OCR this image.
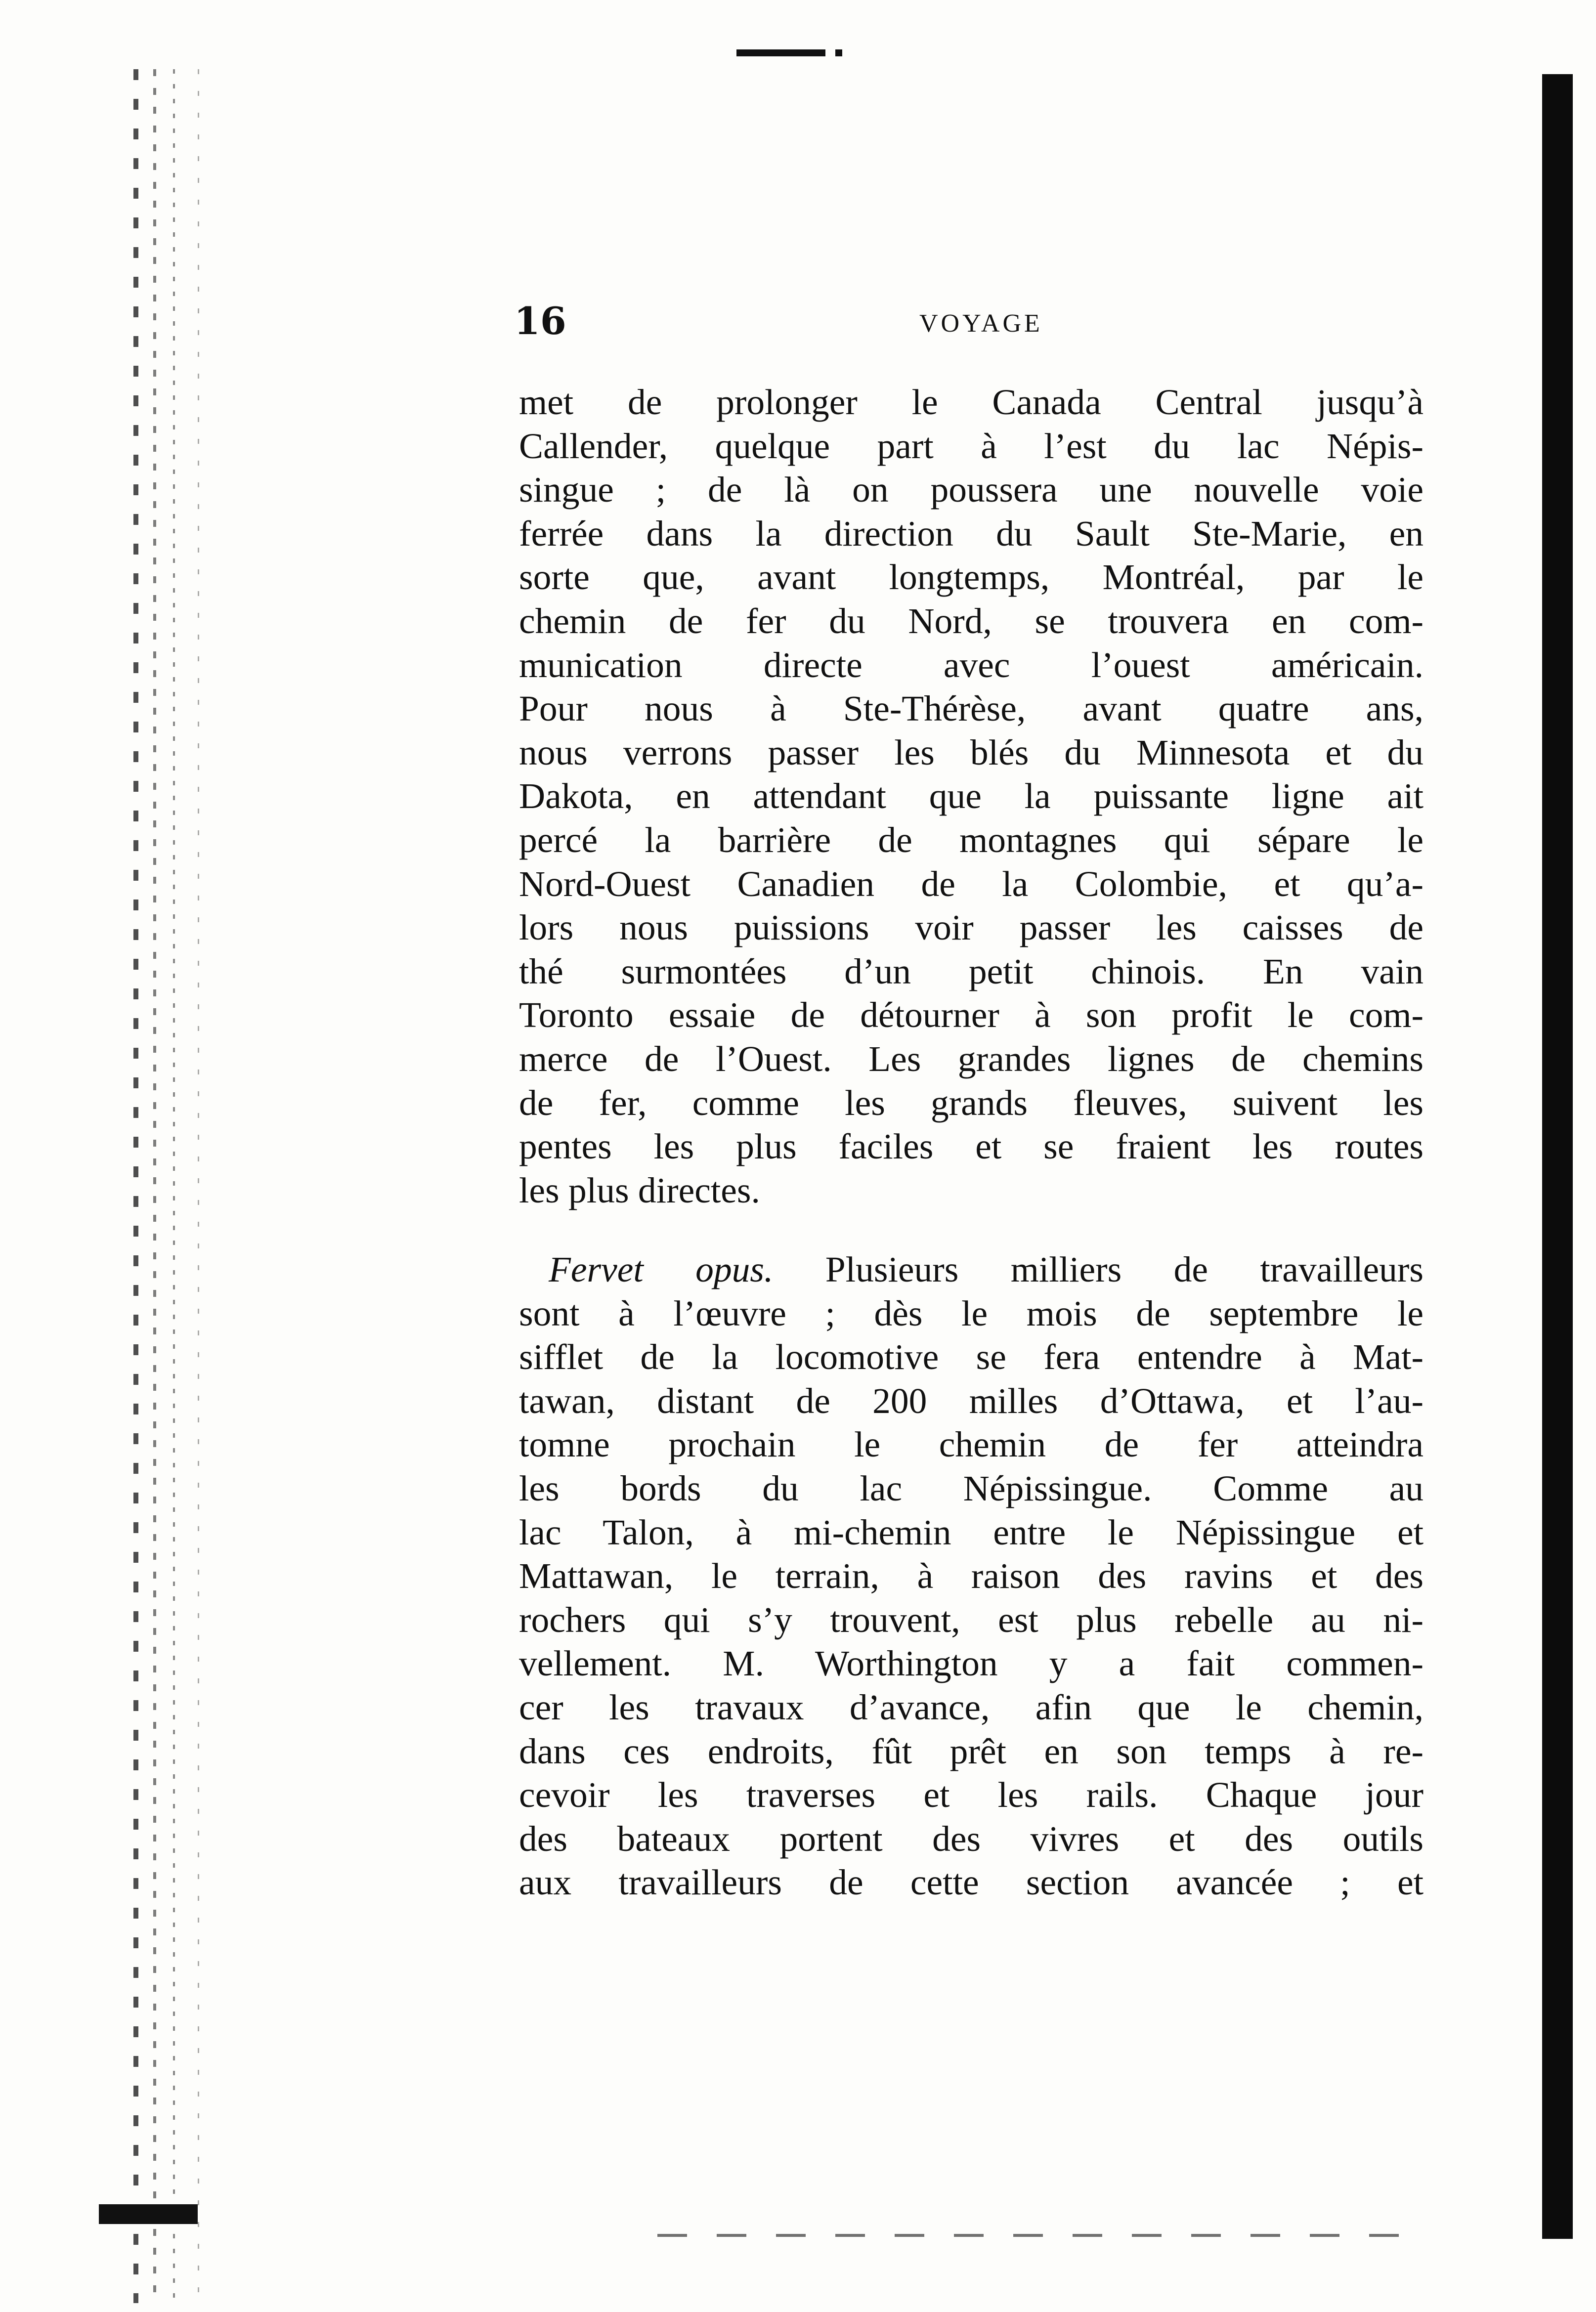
16	VOYAGE
met de prolonger le Canada Central jusqu’à
Callender, quelque part à l’est du lac Népis-
singue ; de là on poussera une nouvelle voie
ferrée dans la direction du Sault Ste-Marie, en
sorte que, avant longtemps, Montréal, par le
chemin de fer du Nord, se trouvera en com-
munication directe avec l’ouest américain.
Pour nous à Ste-Thérèse, avant quatre ans,
nous verrons passer les blés du Minnesota et du
Dakota, en attendant que la puissante ligne ait
percé la barrière de montagnes qui sépare le
Nord-Ouest Canadien de la Colombie, et qu’a-
lors nous puissions voir passer les caisses de
thé surmontées d’un petit chinois. En vain
Toronto essaie de détourner à son profit le com-
merce de l’Ouest. Les grandes lignes de chemins
de fer, comme les grands fleuves, suivent les
pentes les plus faciles et se fraient les routes
les plus directes.
Fervet opus. Plusieurs milliers de travailleurs
sont à l’œuvre ; dès le mois de septembre le
sifflet de la locomotive se fera entendre à Mat-
tawan, distant de 200 milles d’Ottawa, et l’au-
tomne prochain le chemin de fer atteindra
les bords du lac Népissingue. Comme au
lac Talon, à mi-chemin entre le Népissingue et
Mattawan, le terrain, à raison des ravins et des
rochers qui s’y trouvent, est plus rebelle au ni-
vellement. M. Worthington y a fait commen-
cer les travaux d’avance, afin que le chemin,
dans ces endroits, fût prêt en son temps à re-
cevoir les traverses et les rails. Chaque jour
des bateaux portent des vivres et des outils
aux travailleurs de cette section avancée ; et
